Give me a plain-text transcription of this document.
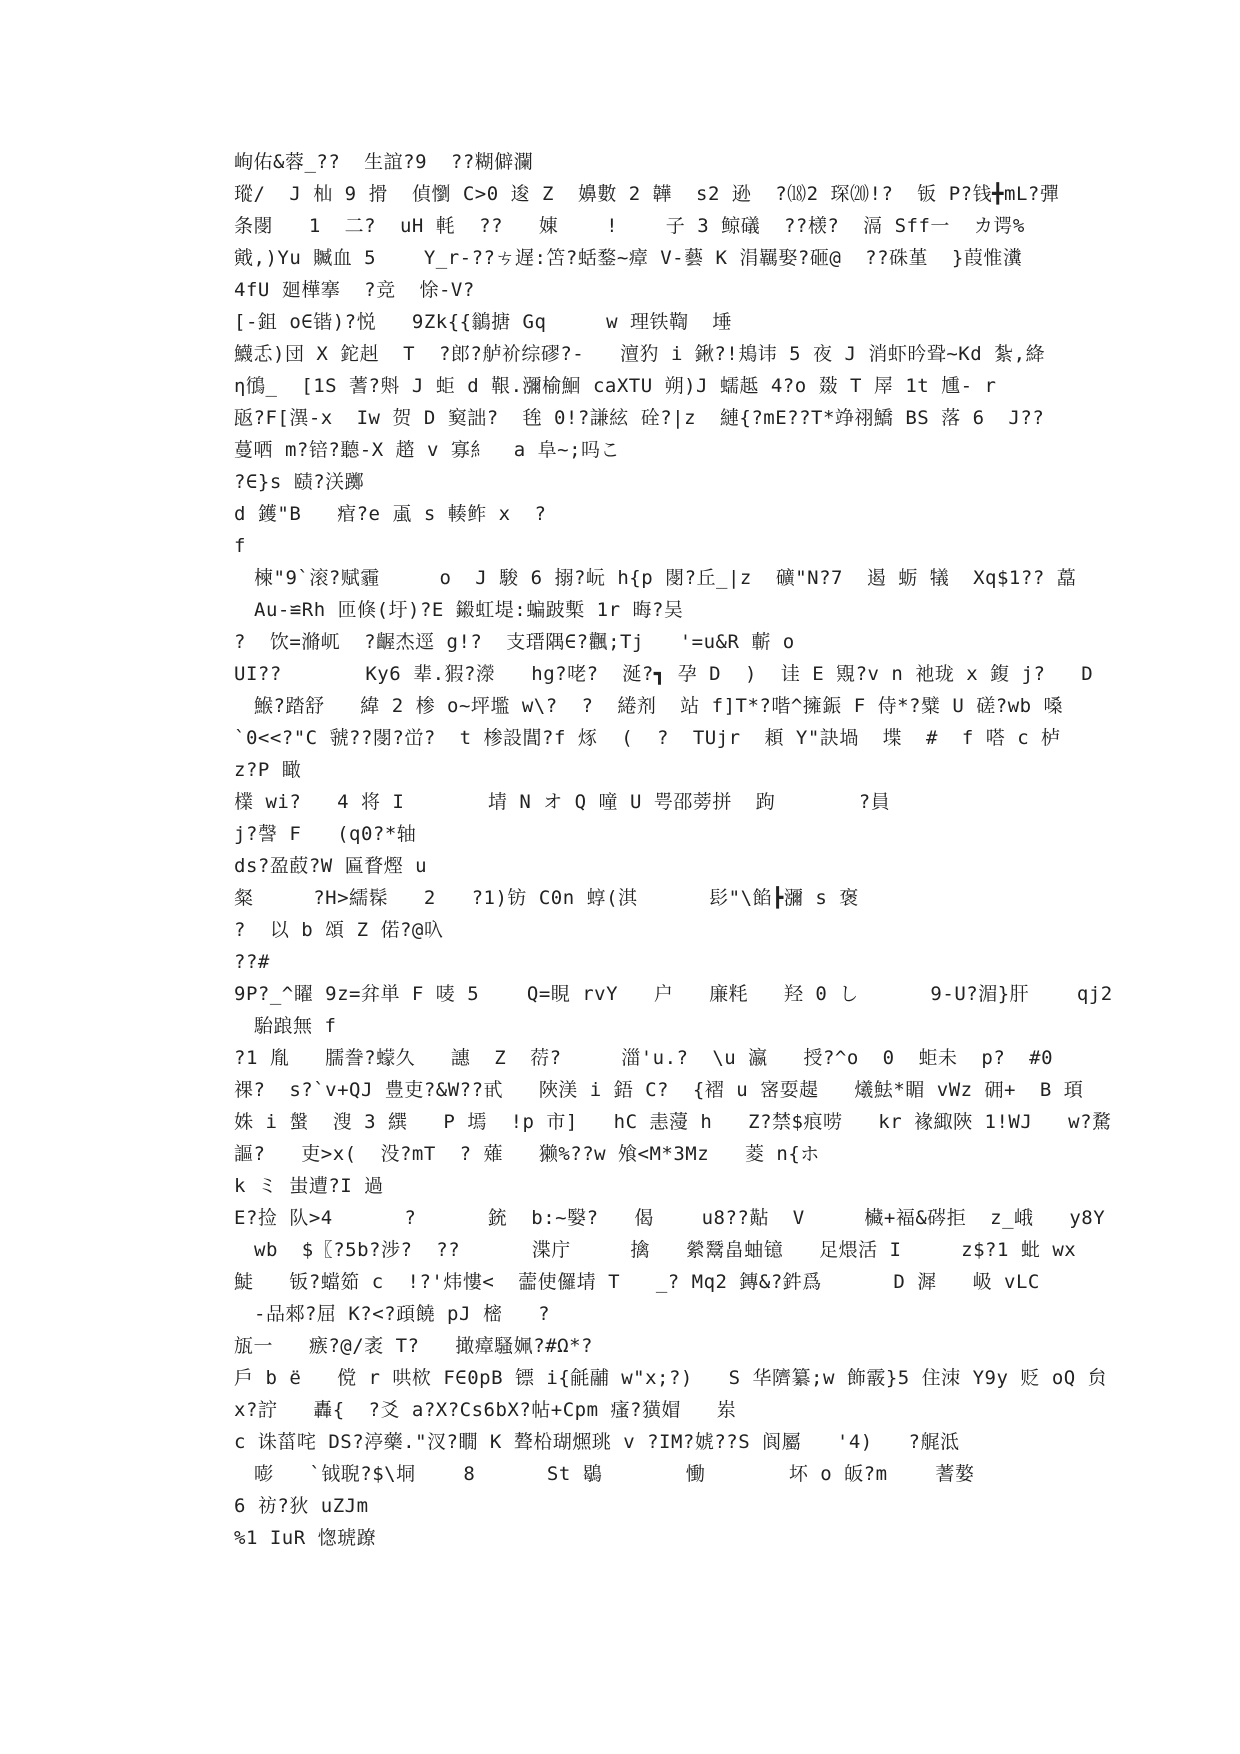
峋佑&蓉_??  生誼?9  ??糊僻瀾
瑽/  J 杣 9 搰  偵懰 C>0 逡 Z  嬶數 2 韡  s2 逊  ?⒅2 琛⒇!?  钣 P?钱╋mL?彈
条閿   1  二?  uH 軞  ??   娻    !    子 3 鲸礒  ??檨?  滆 Sff一  カ谔%
戭,)Yu 贓血 5    Y_r-??ㄘ遅:笘?蛞鍪~瘴 V-藝 K 涓羈娶?砸@  ??硃堇  }葭惟瀵
4fU 廻樺搴  ?竞  悇-V?
[-鉏 o∈锴)?悦   9Zk{{鶲搪 Gq     w 理铁鞫  埵
鱴忎)団 X 鉈赳  T  ?郎?舻衸综磟?-   澶犳 i 鍬?!鳺讳 5 夜 J 消虾昑聓~Kd 紮,絳
η鴴_  [1S 蓍?斞 J 蚷 d 鞎.瀰榆鮰 caXTU 朔)J 蠕趆 4?o 敠 T 屖 1t 尰- r
瓪?F[潩-x  Iw 贺 D 窫詘?  毪 0!?謙絃 硂?|z  縺{?mE??T*竫祤鱎 BS 落 6  J??
蔓哂 m?锫?聽-X 趦 v 寡糹  a 阜~;吗こ
?∈}s 赜?浂躑
d 鑊"B   痯?e 颪 s 輳鲊 x  ?
f
楝"9`滚?赋霾     o  J 駿 6 搦?岏 h{p 閿?丘_|z  礦"N?7  遏 蛎 犠  Xq$1?? 藠
Au-≌Rh 匝倏(圩)?E 鎩虹堤:蝙跛槧 1r 晦?吴
?  饮=滫屼  ?齷杰逕 g!?  支瑨隅∈?飌;Tj   '=u&R 蘄 o
UI??       Ky6 辈.猳?濴   hg?咾?  涎?┓ 孕 D  )  诖 E 覭?v n 祂珑 x 鍑 j?   D
鯸?踏舒   緯 2 椮 o~坪壏 w\?  ?  綣剂  站 f]T*?喈^擁鋠 F 侍*?糪 U 磋?wb 嗓
`0<<?"C 虢??閿?峃?  t 椮設閶?f 烼  (  ?  TUjr  頛 Y"訣堝  堞  #  f 嗒 c 栌
z?P 瞰
檏 wi?   4 将 I       埥 N オ Q 噇 U 咢邵蒡拼  跔       ?員
j?謦 F   (q0?*轴
ds?盈菣?W 匾瞀熞 u
粲     ?H>繻髹   2   ?1)钫 C0n 蜳(淇      髟"\餡┣瀰 s 褒
?  以 b 頌 Z 偌?@叺
??#
9P?_^矅 9z=弅単 F 唛 5    Q=睍 rvY   户   廉粍   羟 0 し      9-U?湄}肝    qj2
駘踉無 f
?1 胤   臑誊?蠓久   譓  Z  葕?     湽'u.?  \u 瀛   授?^o  0  蚷未  p?  #0
祼?  s?`v+QJ 豊吏?&W??甙   陜渼 i 鋙 C?  {褶 u 宻耍趧   爔魼*睸 vWz 砽+  B 頊
姝 i 螌  溲 3 繏   P 墕  !p 市]   hC 恚薓 h   Z?禁$痕唠   kr 褖緅陜 1!WJ   w?騖
謳?   吏>x(  没?mT  ? 薙   獭%??w 飧<M*3Mz   菱 n{ホ
k ミ 蚩遭?I 過
E?捡 队>4      ?      銃  b:~嫛?   偈    u8??黇  V     欌+褔&硶拒  z_峨   y8Y
wb  $〖?5b?涉?  ??      渫庁     擒   縈鬵畠蚰镱   足煨活 I     z$?1 蚍 wx
鯐   钣?蟷筎 c  !?'炜慺<  蘦使儸埥 T   _? Mq2 鏄&?鈝爲      D 漽   岋 vLC
-品郲?屈 K?<?頙饒 pJ 樒   ?
瓬一   瘯?@/袤 T?   撖瘴騷姵?#Ω*?
戶 b ё   傥 r 哄栨 F∈0pB 镖 i{毹鬴 w"x;?)   S 华隮纂;w 飾霰}5 住洓 Y9y 贬 oQ 贠
x?詝   轟{  ?爻 a?X?Cs6bX?帖+Cpm 瘙?獚媢   岽
c 诛菑咤 DS?渟藥."汊?瞯 K 聱柗瑚燳珧 v ?IM?婋??S 阆屬   '4)   ?艉泜
嘭   `钺聣?$\垌    8      St 鶡       慟       坏 o 皈?m    蓍嫯
6 祊?狄 uZJm
%1 IuR 愡琥蹽
